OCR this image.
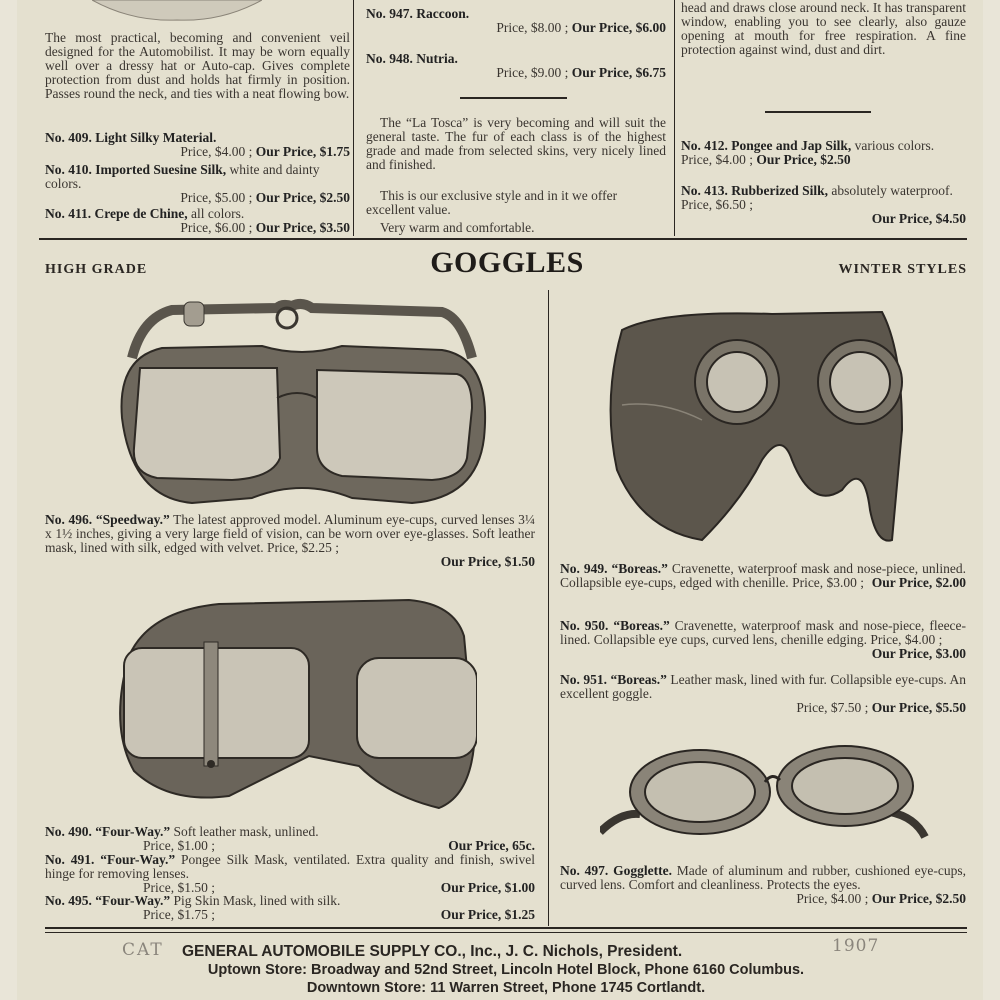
The most practical, becoming and convenient veil designed for the Automobilist. It may be worn equally well over a dressy hat or Auto-cap. Gives complete protection from dust and holds hat firmly in position. Passes round the neck, and ties with a neat flowing bow.
No. 409. Light Silky Material.
Price, $4.00 ; Our Price, $1.75
No. 410. Imported Suesine Silk, white and dainty colors.
Price, $5.00 ; Our Price, $2.50
No. 411. Crepe de Chine, all colors.
Price, $6.00 ; Our Price, $3.50
No. 947. Raccoon.
Price, $8.00 ; Our Price, $6.00
No. 948. Nutria.
Price, $9.00 ; Our Price, $6.75
The “La Tosca” is very becoming and will suit the general taste. The fur of each class is of the highest grade and made from selected skins, very nicely lined and finished.
This is our exclusive style and in it we offer excellent value.
Very warm and comfortable.
head and draws close around neck. It has transparent window, enabling you to see clearly, also gauze opening at mouth for free respiration. A fine protection against wind, dust and dirt.
No. 412. Pongee and Jap Silk, various colors. Price, $4.00 ; Our Price, $2.50
No. 413. Rubberized Silk, absolutely waterproof. Price, $6.50 ;
Our Price, $4.50
HIGH GRADE	GOGGLES	WINTER STYLES
No. 496. “Speedway.” The latest approved model. Aluminum eye-cups, curved lenses 3¼ x 1½ inches, giving a very large field of vision, can be worn over eye-glasses. Soft leather mask, lined with silk, edged with velvet. Price, $2.25 ;
Our Price, $1.50
No. 490. “Four-Way.” Soft leather mask, unlined.
Price, $1.00 ;	Our Price, 65c.
No. 491. “Four-Way.” Pongee Silk Mask, ventilated. Extra quality and finish, swivel hinge for removing lenses.
Price, $1.50 ;	Our Price, $1.00
No. 495. “Four-Way.” Pig Skin Mask, lined with silk.
Price, $1.75 ;	Our Price, $1.25
No. 949. “Boreas.” Cravenette, waterproof mask and nose-piece, unlined. Collapsible eye-cups, edged with chenille. Price, $3.00 ; Our Price, $2.00
No. 950. “Boreas.” Cravenette, waterproof mask and nose-piece, fleece-lined. Collapsible eye cups, curved lens, chenille edging. Price, $4.00 ;
Our Price, $3.00
No. 951. “Boreas.” Leather mask, lined with fur. Collapsible eye-cups. An excellent goggle.
Price, $7.50 ; Our Price, $5.50
No. 497. Gogglette. Made of aluminum and rubber, cushioned eye-cups, curved lens. Comfort and cleanliness. Protects the eyes.
Price, $4.00 ; Our Price, $2.50
CAT GENERAL AUTOMOBILE SUPPLY CO., Inc., J. C. Nichols, President.	1907
Uptown Store: Broadway and 52nd Street, Lincoln Hotel Block, Phone 6160 Columbus.
Downtown Store: 11 Warren Street, Phone 1745 Cortlandt.
